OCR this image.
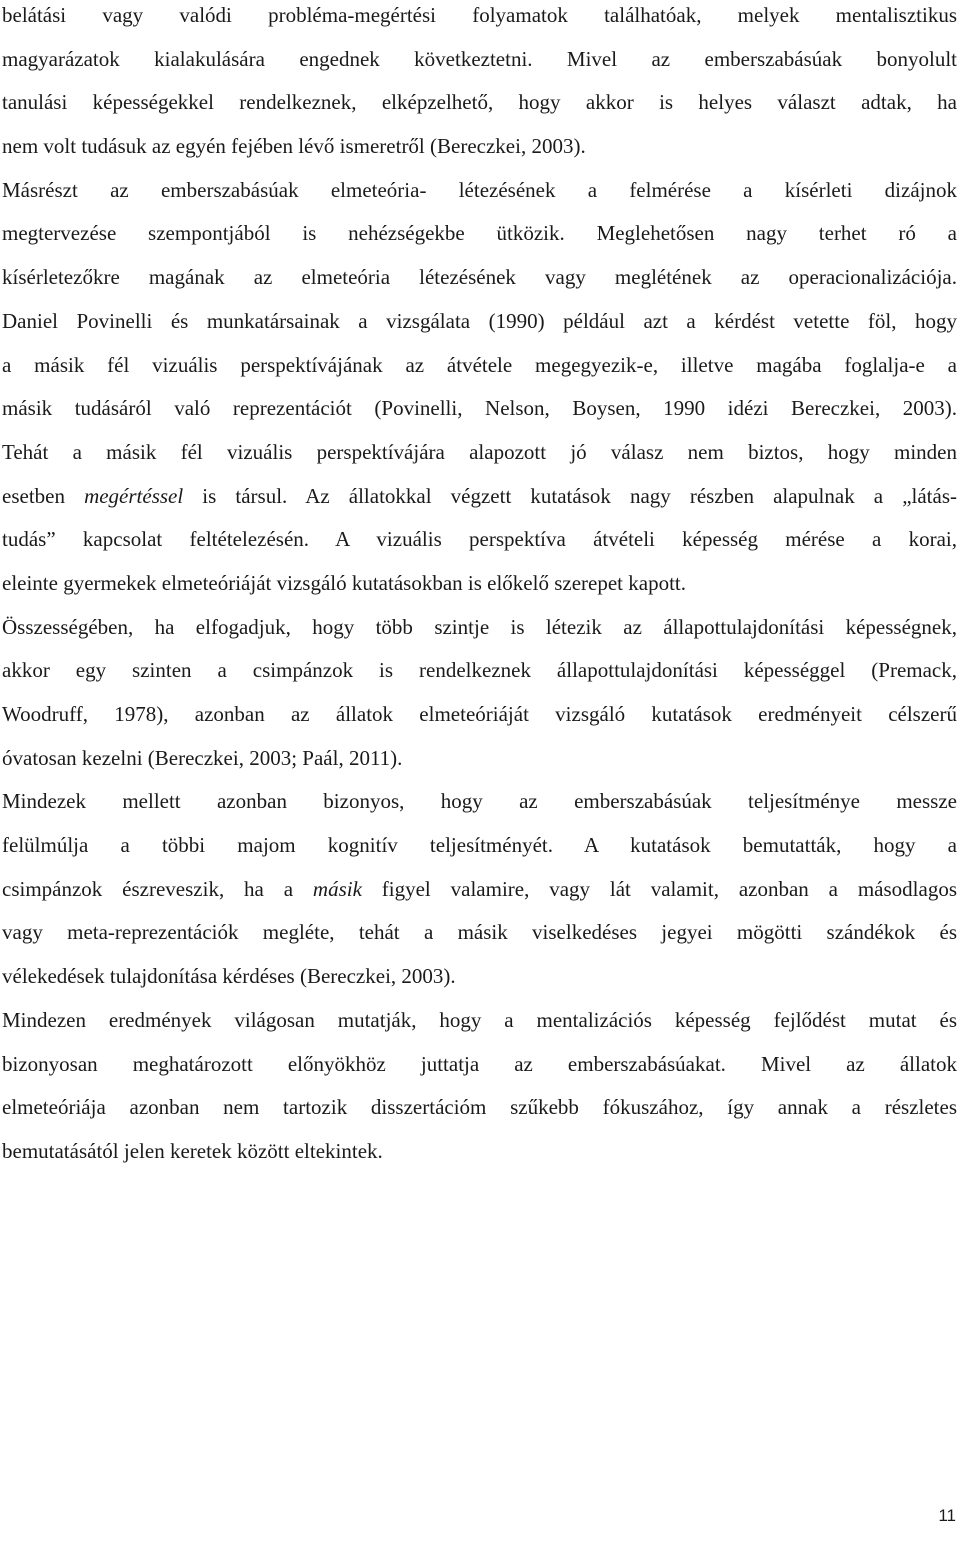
belátási vagy valódi probléma-megértési folyamatok találhatóak, melyek mentalisztikus
magyarázatok kialakulására engednek következtetni. Mivel az emberszabásúak bonyolult
tanulási képességekkel rendelkeznek, elképzelhető, hogy akkor is helyes választ adtak, ha
nem volt tudásuk az egyén fejében lévő ismeretről (Bereczkei, 2003).
Másrészt az emberszabásúak elmeteória- létezésének a felmérése a kísérleti dizájnok
megtervezése szempontjából is nehézségekbe ütközik. Meglehetősen nagy terhet ró a
kísérletezőkre magának az elmeteória létezésének vagy meglétének az operacionalizációja.
Daniel Povinelli és munkatársainak a vizsgálata (1990) például azt a kérdést vetette föl, hogy
a másik fél vizuális perspektívájának az átvétele megegyezik-e, illetve magába foglalja-e a
másik tudásáról való reprezentációt (Povinelli, Nelson, Boysen, 1990 idézi Bereczkei, 2003).
Tehát a másik fél vizuális perspektívájára alapozott jó válasz nem biztos, hogy minden
esetben megértéssel is társul. Az állatokkal végzett kutatások nagy részben alapulnak a „látás-
tudás” kapcsolat feltételezésén. A vizuális perspektíva átvételi képesség mérése a korai,
eleinte gyermekek elmeteóriáját vizsgáló kutatásokban is előkelő szerepet kapott.
Összességében, ha elfogadjuk, hogy több szintje is létezik az állapottulajdonítási képességnek,
akkor egy szinten a csimpánzok is rendelkeznek állapottulajdonítási képességgel (Premack,
Woodruff, 1978), azonban az állatok elmeteóriáját vizsgáló kutatások eredményeit célszerű
óvatosan kezelni (Bereczkei, 2003; Paál, 2011).
Mindezek mellett azonban bizonyos, hogy az emberszabásúak teljesítménye messze
felülmúlja a többi majom kognitív teljesítményét. A kutatások bemutatták, hogy a
csimpánzok észreveszik, ha a másik figyel valamire, vagy lát valamit, azonban a másodlagos
vagy meta-reprezentációk megléte, tehát a másik viselkedéses jegyei mögötti szándékok és
vélekedések tulajdonítása kérdéses (Bereczkei, 2003).
Mindezen eredmények világosan mutatják, hogy a mentalizációs képesség fejlődést mutat és
bizonyosan meghatározott előnyökhöz juttatja az emberszabásúakat. Mivel az állatok
elmeteóriája azonban nem tartozik disszertációm szűkebb fókuszához, így annak a részletes
bemutatásától jelen keretek között eltekintek.
11
